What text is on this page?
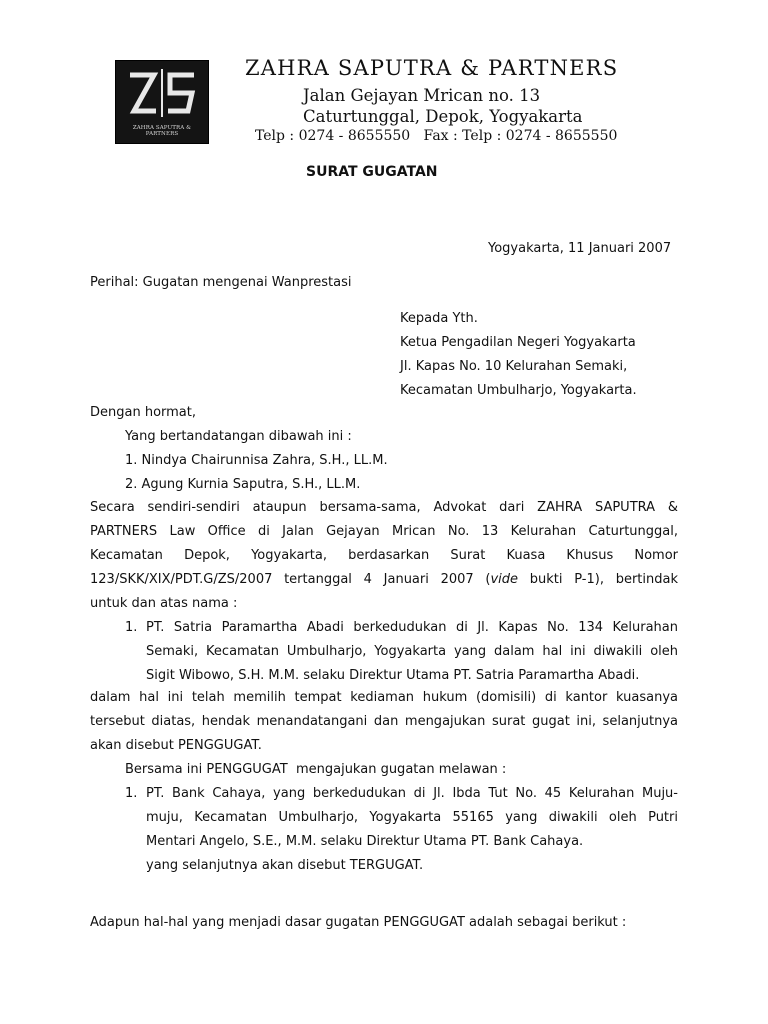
ZAHRA SAPUTRA & PARTNERS
ZAHRA SAPUTRA & PARTNERS
Jalan Gejayan Mrican no. 13
Caturtunggal, Depok, Yogyakarta
Telp : 0274 - 8655550   Fax : Telp : 0274 - 8655550
SURAT GUGATAN
Yogyakarta, 11 Januari 2007
Perihal: Gugatan mengenai Wanprestasi
Kepada Yth.
Ketua Pengadilan Negeri Yogyakarta
Jl. Kapas No. 10 Kelurahan Semaki,
Kecamatan Umbulharjo, Yogyakarta.
Dengan hormat,
Yang bertandatangan dibawah ini :
1. Nindya Chairunnisa Zahra, S.H., LL.M.
2. Agung Kurnia Saputra, S.H., LL.M.
Secara sendiri-sendiri ataupun bersama-sama, Advokat dari ZAHRA SAPUTRA &
PARTNERS Law Office di Jalan Gejayan Mrican No. 13 Kelurahan Caturtunggal,
Kecamatan Depok, Yogyakarta, berdasarkan Surat Kuasa Khusus Nomor
123/SKK/XIX/PDT.G/ZS/2007 tertanggal 4 Januari 2007 (vide bukti P-1), bertindak
untuk dan atas nama :
1. PT. Satria Paramartha Abadi berkedudukan di Jl. Kapas No. 134 Kelurahan
Semaki, Kecamatan Umbulharjo, Yogyakarta yang dalam hal ini diwakili oleh
Sigit Wibowo, S.H. M.M. selaku Direktur Utama PT. Satria Paramartha Abadi.
dalam hal ini telah memilih tempat kediaman hukum (domisili) di kantor kuasanya
tersebut diatas, hendak menandatangani dan mengajukan surat gugat ini, selanjutnya
akan disebut PENGGUGAT.
Bersama ini PENGGUGAT  mengajukan gugatan melawan :
1. PT. Bank Cahaya, yang berkedudukan di Jl. Ibda Tut No. 45 Kelurahan Muju-
muju, Kecamatan Umbulharjo, Yogyakarta 55165 yang diwakili oleh Putri
Mentari Angelo, S.E., M.M. selaku Direktur Utama PT. Bank Cahaya.
yang selanjutnya akan disebut TERGUGAT.
Adapun hal-hal yang menjadi dasar gugatan PENGGUGAT adalah sebagai berikut :
